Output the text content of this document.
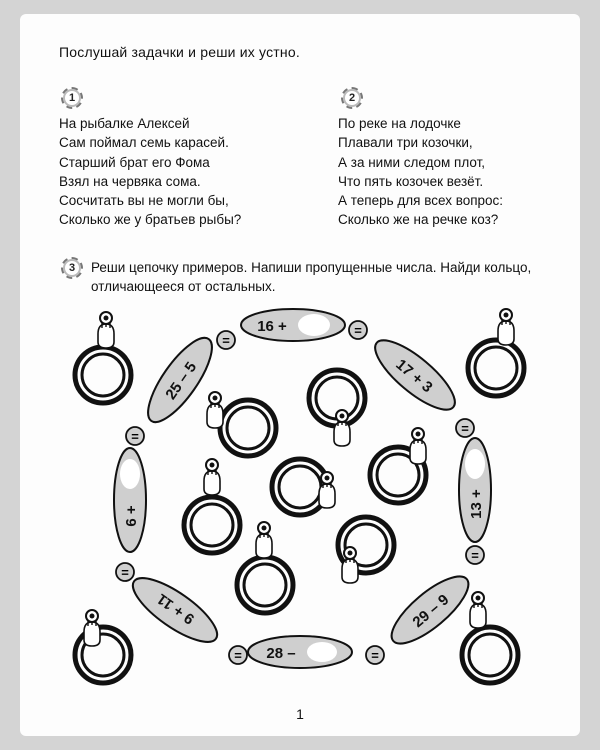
Послушай задачки и реши их устно.
1
На рыбалке Алексей
Сам поймал семь карасей.
Старший брат его Фома
Взял на червяка сома.
Сосчитать вы не могли бы,
Сколько же у братьев рыбы?
2
По реке на лодочке
Плавали три козочки,
А за ними следом плот,
Что пять козочек везёт.
А теперь для всех вопрос:
Сколько же на речке коз?
3	Реши цепочку примеров. Напиши пропущенные числа. Найди кольцо, отличающееся от остальных.
16 +
17 + 3
13 +
29 – 9
28 –
9 + 11
6 +
25 – 5
=
=
=
=
=
=
=
=
1
